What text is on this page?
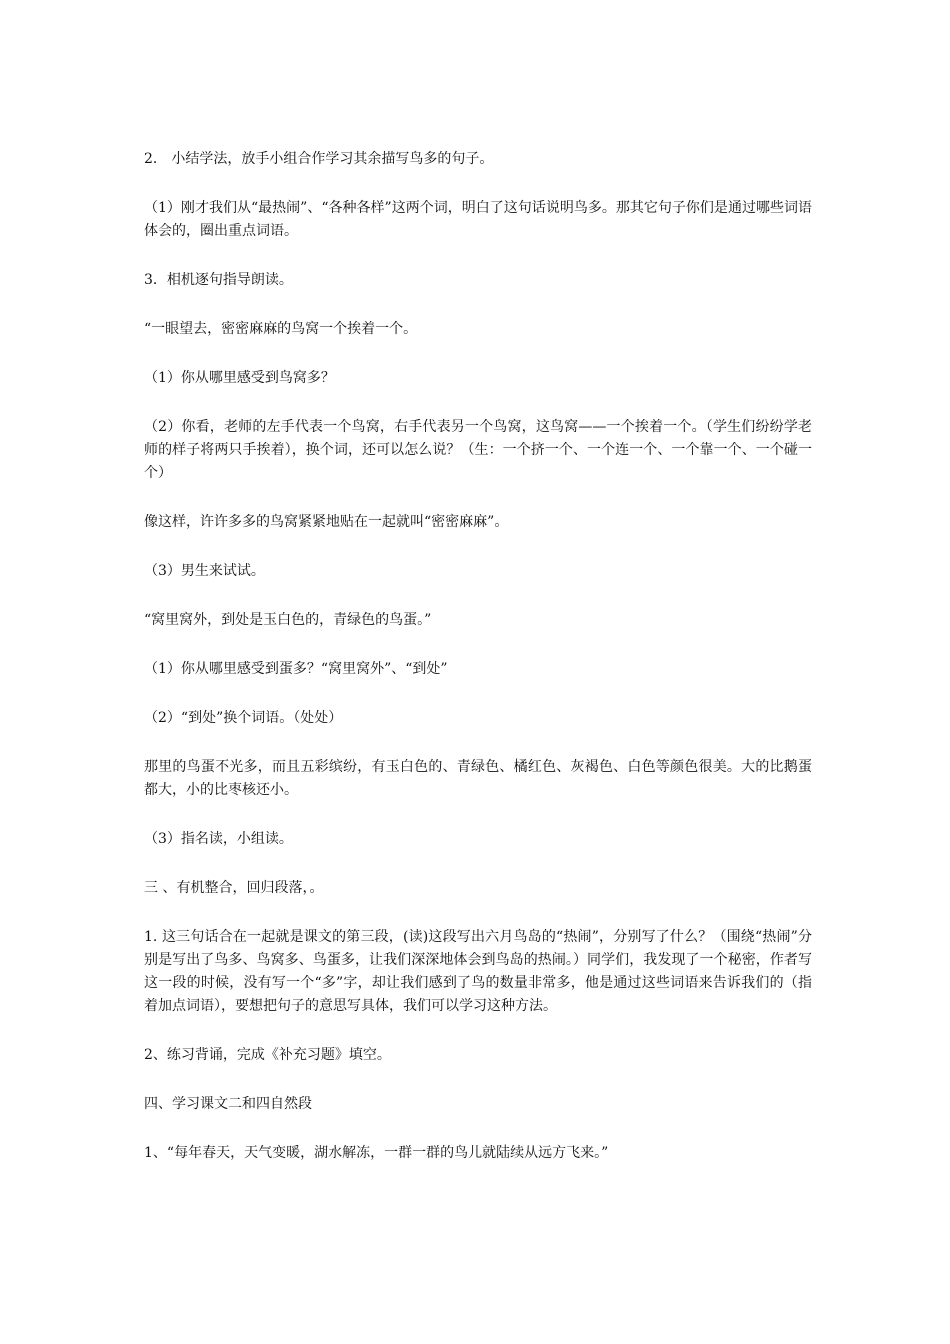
2． 小结学法，放手小组合作学习其余描写鸟多的句子。

（1）刚才我们从“最热闹”、“各种各样”这两个词，明白了这句话说明鸟多。那其它句子你们是通过哪些词语体会的，圈出重点词语。

3．相机逐句指导朗读。

“一眼望去，密密麻麻的鸟窝一个挨着一个。

（1）你从哪里感受到鸟窝多？

（2）你看，老师的左手代表一个鸟窝，右手代表另一个鸟窝，这鸟窝——一个挨着一个。（学生们纷纷学老师的样子将两只手挨着），换个词，还可以怎么说？（生：一个挤一个、一个连一个、一个靠一个、一个碰一个）

像这样，许许多多的鸟窝紧紧地贴在一起就叫“密密麻麻”。

（3）男生来试试。

“窝里窝外，到处是玉白色的，青绿色的鸟蛋。”

（1）你从哪里感受到蛋多？“窝里窝外”、“到处”

（2）“到处”换个词语。（处处）

那里的鸟蛋不光多，而且五彩缤纷，有玉白色的、青绿色、橘红色、灰褐色、白色等颜色很美。大的比鹅蛋都大，小的比枣核还小。

（3）指名读，小组读。

三 、有机整合，回归段落，。

1. 这三句话合在一起就是课文的第三段，(读)这段写出六月鸟岛的“热闹”，分别写了什么？（围绕“热闹”分别是写出了鸟多、鸟窝多、鸟蛋多，让我们深深地体会到鸟岛的热闹。）同学们，我发现了一个秘密，作者写这一段的时候，没有写一个“多”字，却让我们感到了鸟的数量非常多，他是通过这些词语来告诉我们的（指着加点词语），要想把句子的意思写具体，我们可以学习这种方法。

2、练习背诵，完成《补充习题》填空。

四、学习课文二和四自然段

1、“每年春天，天气变暖，湖水解冻，一群一群的鸟儿就陆续从远方飞来。”
